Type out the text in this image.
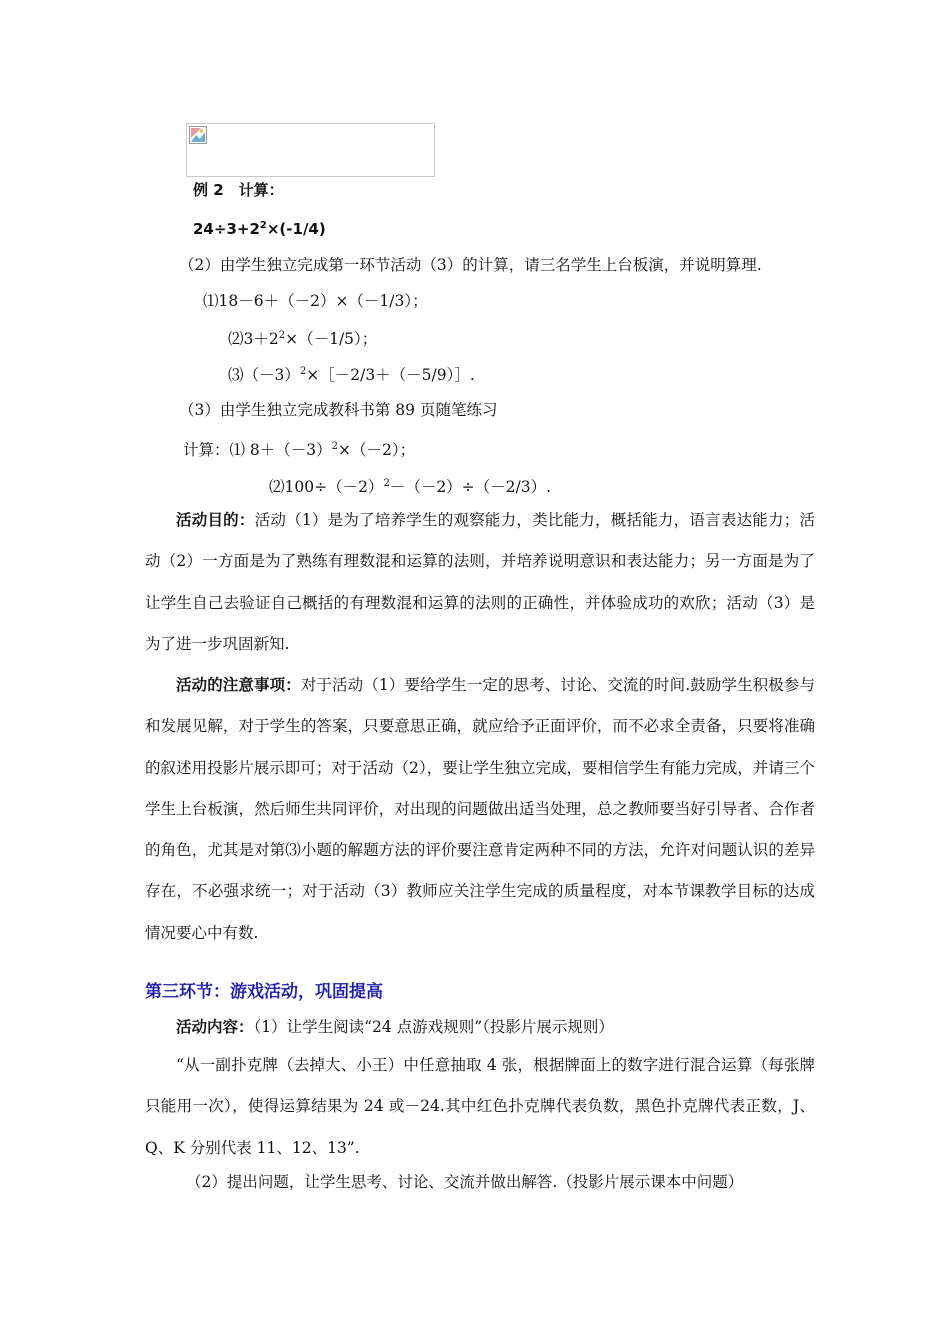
例 2　计算：
$24\div 3+2^2\times(-1/4)$
（2）由学生独立完成第一环节活动（3）的计算，请三名学生上台板演，并说明算理.
⑴18－6＋（－2）×（－1/3）；
$⑵3+2^2\times(-1/5)$；
$⑶(-3)^2\times[-2/3+(-5/9)]$.
（3）由学生独立完成教科书第 89 页随笔练习
计算：⑴ $8+(-3)^2\times(-2)$；
$⑵100\div(-2)^2-(-2)\div(-2/3)$.
活动目的：活动（1）是为了培养学生的观察能力，类比能力，概括能力，语言表达能力；活动（2）一方面是为了熟练有理数混和运算的法则，并培养说明意识和表达能力；另一方面是为了让学生自己去验证自己概括的有理数混和运算的法则的正确性，并体验成功的欢欣；活动（3）是为了进一步巩固新知.
活动的注意事项：对于活动（1）要给学生一定的思考、讨论、交流的时间.鼓励学生积极参与和发展见解，对于学生的答案，只要意思正确，就应给予正面评价，而不必求全责备，只要将准确的叙述用投影片展示即可；对于活动（2），要让学生独立完成，要相信学生有能力完成，并请三个学生上台板演，然后师生共同评价，对出现的问题做出适当处理，总之教师要当好引导者、合作者的角色，尤其是对第⑶小题的解题方法的评价要注意肯定两种不同的方法，允许对问题认识的差异存在，不必强求统一；对于活动（3）教师应关注学生完成的质量程度，对本节课教学目标的达成情况要心中有数.
第三环节：游戏活动，巩固提高
活动内容：（1）让学生阅读“24 点游戏规则”（投影片展示规则）
“从一副扑克牌（去掉大、小王）中任意抽取 4 张，根据牌面上的数字进行混合运算（每张牌只能用一次），使得运算结果为 24 或－24.其中红色扑克牌代表负数，黑色扑克牌代表正数，J、Q、K 分别代表 11、12、13”.
（2）提出问题，让学生思考、讨论、交流并做出解答.（投影片展示课本中问题）
